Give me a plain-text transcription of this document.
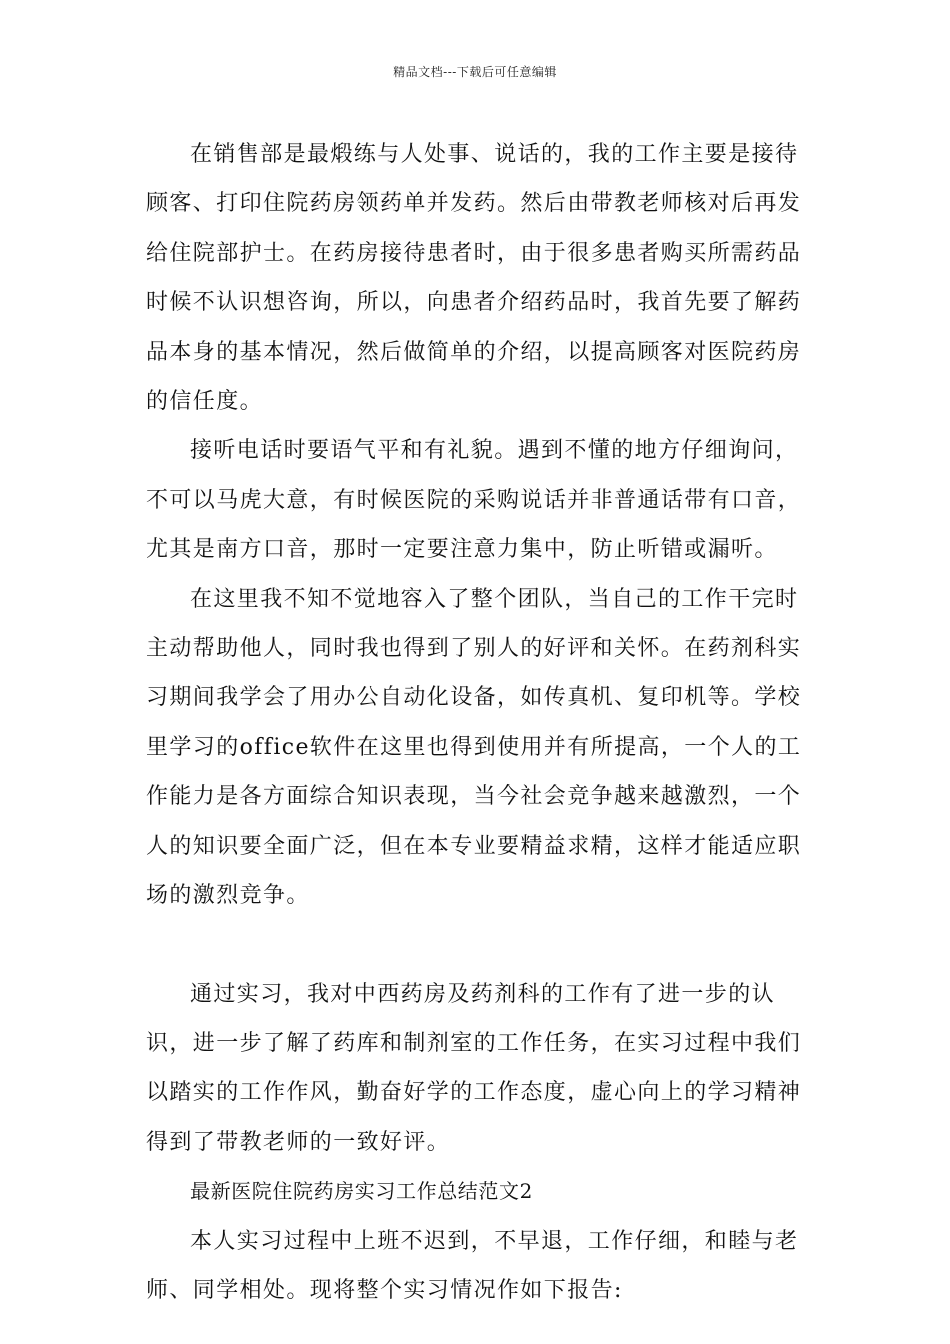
精品文档---下载后可任意编辑

在销售部是最煅练与人处事、说话的，我的工作主要是接待顾客、打印住院药房领药单并发药。然后由带教老师核对后再发给住院部护士。在药房接待患者时，由于很多患者购买所需药品时候不认识想咨询，所以，向患者介绍药品时，我首先要了解药品本身的基本情况，然后做简单的介绍，以提高顾客对医院药房的信任度。

接听电话时要语气平和有礼貌。遇到不懂的地方仔细询问，不可以马虎大意，有时候医院的采购说话并非普通话带有口音，尤其是南方口音，那时一定要注意力集中，防止听错或漏听。

在这里我不知不觉地容入了整个团队，当自己的工作干完时主动帮助他人，同时我也得到了别人的好评和关怀。在药剂科实习期间我学会了用办公自动化设备，如传真机、复印机等。学校里学习的office软件在这里也得到使用并有所提高，一个人的工作能力是各方面综合知识表现，当今社会竞争越来越激烈，一个人的知识要全面广泛，但在本专业要精益求精，这样才能适应职场的激烈竞争。

通过实习，我对中西药房及药剂科的工作有了进一步的认识，进一步了解了药库和制剂室的工作任务，在实习过程中我们以踏实的工作作风，勤奋好学的工作态度，虚心向上的学习精神得到了带教老师的一致好评。

最新医院住院药房实习工作总结范文2

本人实习过程中上班不迟到，不早退，工作仔细，和睦与老师、同学相处。现将整个实习情况作如下报告:
